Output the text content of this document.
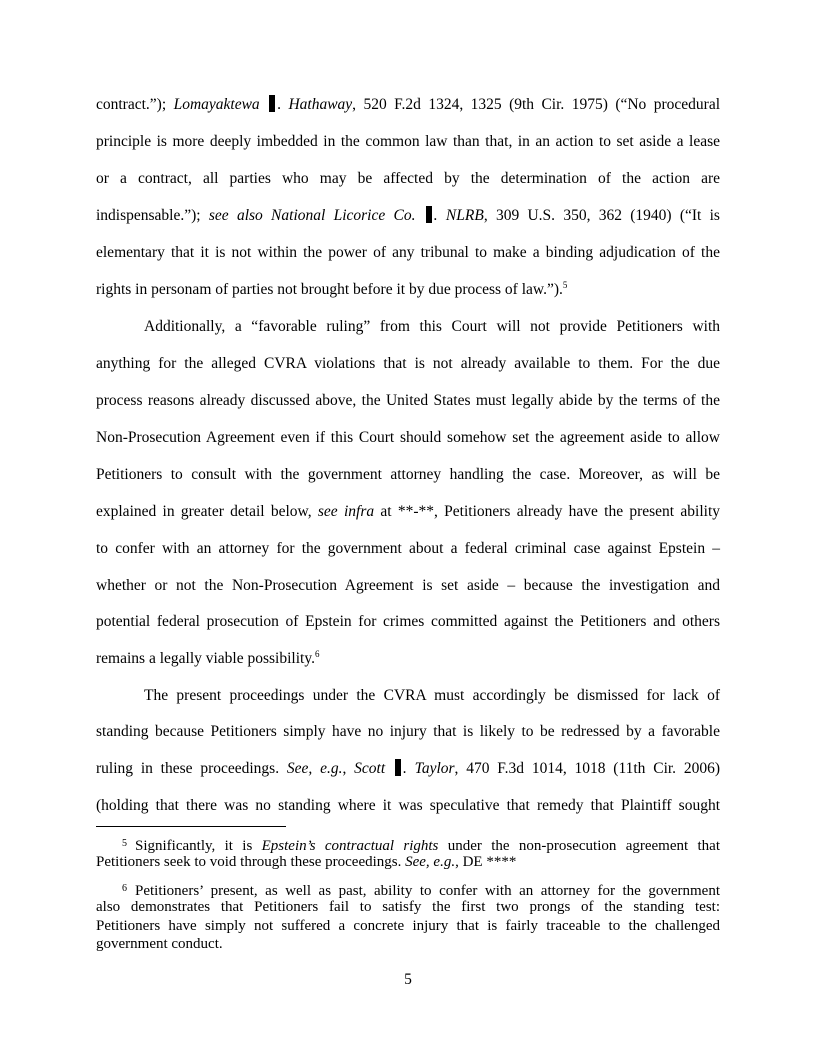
contract.”); Lomayaktewa . Hathaway, 520 F.2d 1324, 1325 (9th Cir. 1975) (“No procedural
principle is more deeply imbedded in the common law than that, in an action to set aside a lease
or a contract, all parties who may be affected by the determination of the action are
indispensable.”); see also National Licorice Co. . NLRB, 309 U.S. 350, 362 (1940) (“It is
elementary that it is not within the power of any tribunal to make a binding adjudication of the
rights in personam of parties not brought before it by due process of law.”).$^5$
Additionally, a “favorable ruling” from this Court will not provide Petitioners with
anything for the alleged CVRA violations that is not already available to them. For the due
process reasons already discussed above, the United States must legally abide by the terms of the
Non-Prosecution Agreement even if this Court should somehow set the agreement aside to allow
Petitioners to consult with the government attorney handling the case. Moreover, as will be
explained in greater detail below, see infra at **-**, Petitioners already have the present ability
to confer with an attorney for the government about a federal criminal case against Epstein –
whether or not the Non-Prosecution Agreement is set aside – because the investigation and
potential federal prosecution of Epstein for crimes committed against the Petitioners and others
remains a legally viable possibility.$^6$
The present proceedings under the CVRA must accordingly be dismissed for lack of
standing because Petitioners simply have no injury that is likely to be redressed by a favorable
ruling in these proceedings. See, e.g., Scott . Taylor, 470 F.3d 1014, 1018 (11th Cir. 2006)
(holding that there was no standing where it was speculative that remedy that Plaintiff sought
$^5$ Significantly, it is Epstein’s contractual rights under the non-prosecution agreement that
Petitioners seek to void through these proceedings. See, e.g., DE ****
$^6$ Petitioners’ present, as well as past, ability to confer with an attorney for the government
also demonstrates that Petitioners fail to satisfy the first two prongs of the standing test:
Petitioners have simply not suffered a concrete injury that is fairly traceable to the challenged
government conduct.
5
